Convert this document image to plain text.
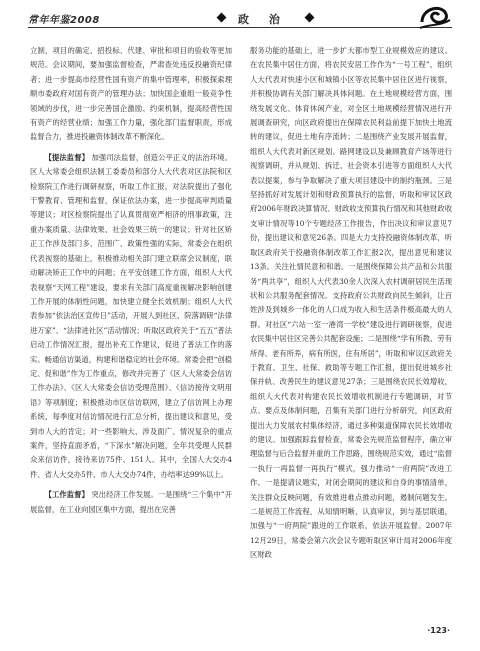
常年年鉴2008	政 治

立制，项目的确定、招投标、代建、审批和项目的验收等更加规范。会议期间，要加强监督检查，严肃查处违反投融资纪律者；进一步提高市经营性国有资产的集中管理率，积极探索理顺市委政府对国有资产的管理办法；加快国企重组一般竞争性领域的步伐，进一步完善国企激励、约束机制，提高经营性国有资产的经营业绩；加强工作力量，强化部门监督职责，形成监督合力，推进投融资体制改革不断深化。

【提法监督】 加强司法监督，创造公平正义的法治环境。区人大常委会组织法制工委委员和部分人大代表对区法院和区检察院工作进行调研视察，听取工作汇报，对法院提出了强化干警教育、管理和监督，保证依法办案，进一步提高审判质量等建议；对区检察院提出了认真贯彻宽严相济的刑事政策，注重办案质量、法律效果、社会效果三统一的建议；针对社区矫正工作涉及部门多、范围广、政策性强的实际，常委会在组织代表视察的基础上，积极推动相关部门建立联席会议制度，联动解决矫正工作中的问题；在平安创建工作方面，组织人大代表视察“天网工程”建设，要求有关部门高度重视解决影响创建工作开展的体制性问题，加快建立健全长效机制；组织人大代表参加“依法治区宣传日”活动，开展人到社区、院落调研“法律进万家”、“法律进社区”活动情况；听取区政府关于“五五”普法启动工作情况汇报，提出补充工作建议，促进了普法工作的落实。畅通信访渠道，构建和谐稳定的社会环境。常委会把“创稳定、促和谐”作为工作重点，修改并完善了《区人大常委会信访工作办法》、《区人大常委会信访受理范围》、《信访接待文明用语》等项制度；积极推动市区信访联网，建立了信访网上办理系统，每季度对信访情况进行汇总分析，提出建议和意见，受到市人大的肯定；对一些影响大、涉及面广、情况复杂的重点案件，坚持直面矛盾，“下深水”解决问题，全年共受理人民群众来信访件，接待来访75件、151人。其中，全国人大交办4件、省人大交办5件、市人大交办74件，办结率达99%以上。

【工作监督】 突出经济工作发展。一是围绕“三个集中”开展监督，在工业向园区集中方面，提出在完善

服务功能的基础上，进一步扩大都市型工业规模效应的建议。在农民集中居住方面，将农民安居工作作为“一号工程”，组织人大代表对快速小区和城镇小区等农民集中居住区进行视察，并积极协调有关部门解决具体问题。在土地规模经营方面，围绕发展文化、体育休闲产业，对全区土地规模经营情况进行开展调查研究，向区政府提出在保障农民利益前提下加快土地流转的建议，促进土地有序流转；二是围绕产业发展开展监督，组织人大代表对新区规划、路网建设以及兼顾教育产场等进行视察调研，并从规划、拆迁、社会资本引进等方面组织人大代表以提案，参与争取解决了重大项目建设中的制约瓶颈。三是坚持抓好对发展计划和财政预算执行的监督，听取和审议区政府2006年财政决算情况、财政收支预算执行情况和其他财政收支审计情况等10个专题经济工作报告，作出决议和审议意见7份，提出建议和意见26条。四是大力支持投融资体制改革，听取区政府关于投融资体制改革工作汇报2次，提出意见和建议13条。关注社情民意和和谐。一是围绕保障公共产品和公共服务“两共享”，组织人大代表30余人次深入农村调研居民生活现状和公共服务配套情况。支持政府公共财政向民生倾斜，让百姓涉及到城乡一体化的人口成为收入和生活条件极高最大的人群。对社区“六站一室一港湾一学校”建设进行调研视察，促进农民集中居住区完善公共配套设施；二是围绕“学有所教、劳有所得、老有所养，病有所医，住有所居”，听取和审议区政府关于教育、卫生、社保、救助等专题工作汇报，提出促进城乡社保并轨、改善民生的建议意见27条；三是围绕农民长效增收，组织人大代表对构建农民长效增收机制进行专题调研，对节点、要点及体制问题，召集有关部门进行分析研究，向区政府提出大力发展农村集体经济，通过多种渠道保障农民长效增收的建议。加强跟踪监督检查，常委会先规范监督程序，确立审理监督与后合监督并重的工作思路，围绕规范实效，通过“监督一执行一再监督一再执行”模式，强力推动“一府两院”改进工作。一是提请议题实，对闭会期间的建议和自身的事情清单，关注群众反映问题，有效推进难点推动问题，遏制问题发生。二是规范工作流程，从知情明晰、认真审议，到与基层联通，加强与“一府两院”跟进的工作联系，依法开展监督。2007年12月29日，常委会第六次会议专题听取区审计局对2006年度区财政

·123·
